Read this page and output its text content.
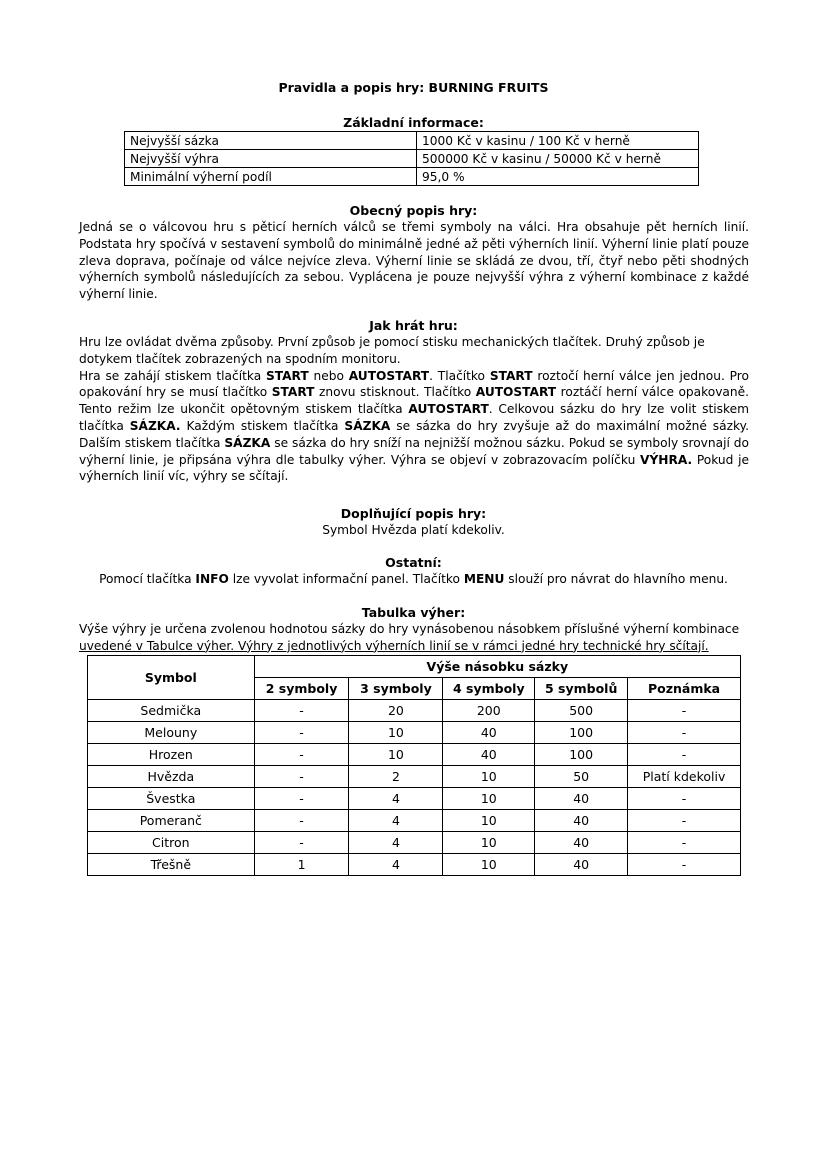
Pravidla a popis hry: BURNING FRUITS
Základní informace:
Nejvyšší sázka	1000 Kč v kasinu / 100 Kč v herně
Nejvyšší výhra	500000 Kč v kasinu / 50000 Kč v herně
Minimální výherní podíl	95,0 %
Obecný popis hry:
Jedná se o válcovou hru s pěticí herních válců se třemi symboly na válci. Hra obsahuje pět herních linií. Podstata hry spočívá v sestavení symbolů do minimálně jedné až pěti výherních linií. Výherní linie platí pouze zleva doprava, počínaje od válce nejvíce zleva. Výherní linie se skládá ze dvou, tří, čtyř nebo pěti shodných výherních symbolů následujících za sebou. Vyplácena je pouze nejvyšší výhra z výherní kombinace z každé výherní linie.
Jak hrát hru:
Hru lze ovládat dvěma způsoby. První způsob je pomocí stisku mechanických tlačítek. Druhý způsob je dotykem tlačítek zobrazených na spodním monitoru.
Hra se zahájí stiskem tlačítka START nebo AUTOSTART. Tlačítko START roztočí herní válce jen jednou. Pro opakování hry se musí tlačítko START znovu stisknout. Tlačítko AUTOSTART roztáčí herní válce opakovaně. Tento režim lze ukončit opětovným stiskem tlačítka AUTOSTART. Celkovou sázku do hry lze volit stiskem tlačítka SÁZKA. Každým stiskem tlačítka SÁZKA se sázka do hry zvyšuje až do maximální možné sázky. Dalším stiskem tlačítka SÁZKA se sázka do hry sníží na nejnižší možnou sázku. Pokud se symboly srovnají do výherní linie, je připsána výhra dle tabulky výher. Výhra se objeví v zobrazovacím políčku VÝHRA. Pokud je výherních linií víc, výhry se sčítají.
Doplňující popis hry:
Symbol Hvězda platí kdekoliv.
Ostatní:
Pomocí tlačítka INFO lze vyvolat informační panel. Tlačítko MENU slouží pro návrat do hlavního menu.
Tabulka výher:
Výše výhry je určena zvolenou hodnotou sázky do hry vynásobenou násobkem příslušné výherní kombinace
uvedené v Tabulce výher. Výhry z jednotlivých výherních linií se v rámci jedné hry technické hry sčítají.
Symbol	Výše násobku sázky				
	2 symboly	3 symboly	4 symboly	5 symbolů	Poznámka
Sedmička	-	20	200	500	-
Melouny	-	10	40	100	-
Hrozen	-	10	40	100	-
Hvězda	-	2	10	50	Platí kdekoliv
Švestka	-	4	10	40	-
Pomeranč	-	4	10	40	-
Citron	-	4	10	40	-
Třešně	1	4	10	40	-
